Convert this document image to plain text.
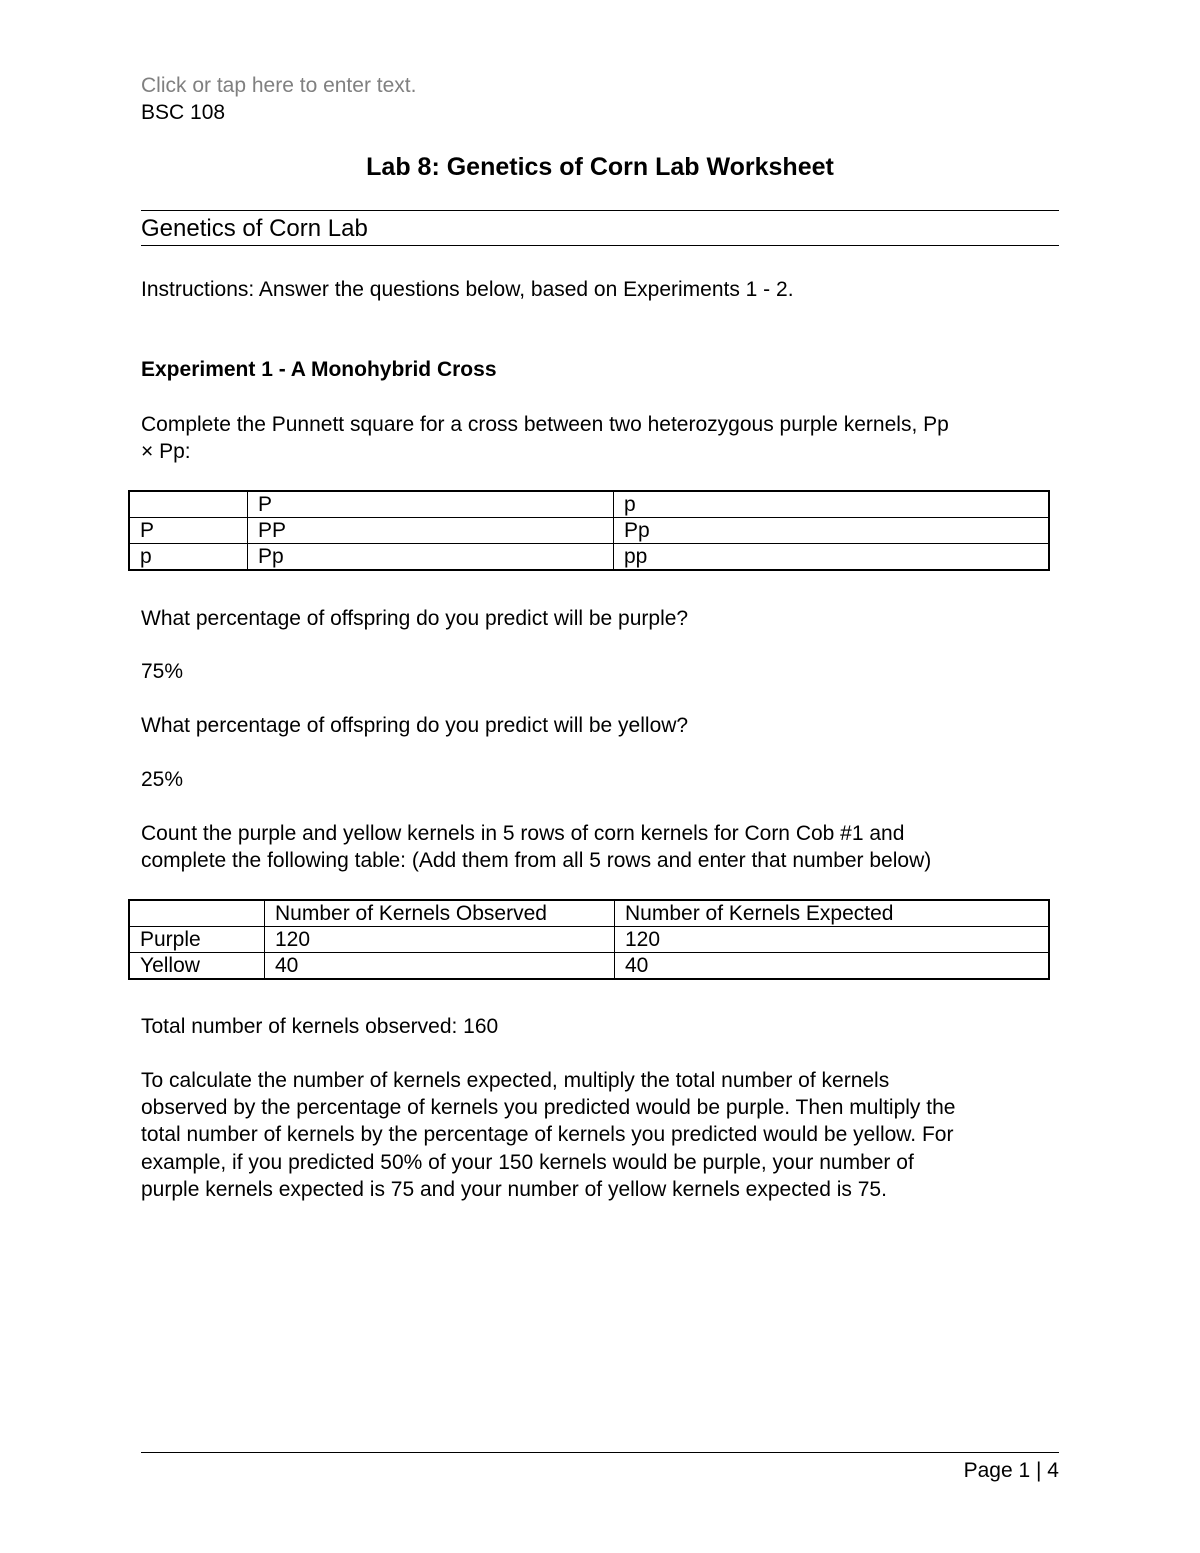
Click or tap here to enter text.
BSC 108
Lab 8: Genetics of Corn Lab Worksheet
Genetics of Corn Lab
Instructions: Answer the questions below, based on Experiments 1 - 2.
Experiment 1 - A Monohybrid Cross
Complete the Punnett square for a cross between two heterozygous purple kernels, Pp
× Pp:
	P	p
P	PP	Pp
p	Pp	pp
What percentage of offspring do you predict will be purple?
75%
What percentage of offspring do you predict will be yellow?
25%
Count the purple and yellow kernels in 5 rows of corn kernels for Corn Cob #1 and
complete the following table: (Add them from all 5 rows and enter that number below)
	Number of Kernels Observed	Number of Kernels Expected
Purple	120	120
Yellow	40	40
Total number of kernels observed: 160
To calculate the number of kernels expected, multiply the total number of kernels
observed by the percentage of kernels you predicted would be purple. Then multiply the
total number of kernels by the percentage of kernels you predicted would be yellow. For
example, if you predicted 50% of your 150 kernels would be purple, your number of
purple kernels expected is 75 and your number of yellow kernels expected is 75.
Page 1 | 4
